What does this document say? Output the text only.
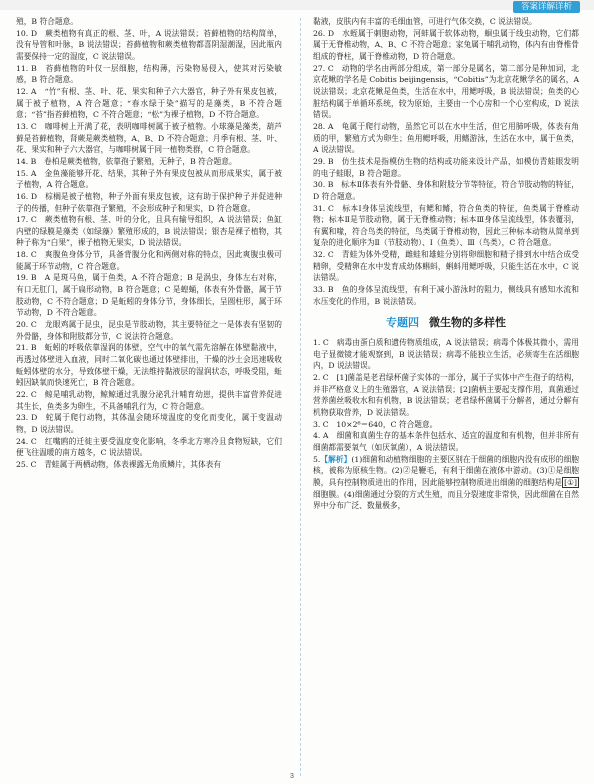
答案详解详析

殖，B 符合题意。

10. D　蕨类植物有真正的根、茎、叶，A 说法错误；苔藓植物的结构简单，没有导管和叶脉，B 说法错误；苔藓植物和蕨类植物都喜阴湿潮湿，因此瓶内需要保持一定的湿度，C 说法错误。

11. B　苔藓植物的叶仅一层细胞，结构薄，污染物易侵入，使其对污染敏感，B 符合题意。

12. A　“竹”有根、茎、叶、花、果实和种子六大器官，种子外有果皮包被，属于被子植物，A 符合题意；“春水绿于染”描写的是藻类，B 不符合题意；“苔”指苔藓植物，C 不符合题意；“松”为裸子植物，D 不符合题意。

13. C　咖啡树上开满了花，表明咖啡树属于被子植物。小球藻是藻类，葫芦藓是苔藓植物，肾蕨是蕨类植物，A、B、D 不符合题意；月季有根、茎、叶、花、果实和种子六大器官，与咖啡树属于同一植物类群，C 符合题意。

14. B　卷柏是蕨类植物，依靠孢子繁殖，无种子，B 符合题意。

15. A　金鱼藻能够开花、结果，其种子外有果皮包被从而形成果实，属于被子植物，A 符合题意。

16. D　棕榈是被子植物，种子外面有果皮包被，这有助于保护种子并促进种子的传播，但种子依靠孢子繁殖，不会形成种子和果实，D 符合题意。

17. C　蕨类植物有根、茎、叶的分化，且具有输导组织，A 说法错误；鱼缸内壁的绿膜是藻类（如绿藻）繁殖形成的，B 说法错误；银杏是裸子植物，其种子称为“白果”，裸子植物无果实，D 说法错误。

18. C　爽腹鱼身体分节，具备背腹分化和两侧对称的特点，因此爽腹虫极可能属于环节动物，C 符合题意。

19. B　A 是斑马鱼，属于鱼类，A 不符合题意；B 是涡虫，身体左右对称，有口无肛门，属于扁形动物，B 符合题意；C 是蝗蛹，体表有外骨骼，属于节肢动物，C 不符合题意；D 是蚯蚓的身体分节，身体细长，呈圆柱形，属于环节动物，D 不符合题意。

20. C　龙眼鸡属于昆虫，昆虫是节肢动物，其主要特征之一是体表有坚韧的外骨骼，身体和附肢都分节，C 说法符合题意。

21. B　蚯蚓的呼吸依靠湿润的体壁，空气中的氧气需先溶解在体壁黏液中，再透过体壁进入血液，同时二氧化碳也通过体壁排出，干燥的沙土会迅速吸收蚯蚓体壁的水分，导致体壁干燥，无法维持黏液层的湿润状态，呼吸受阻，蚯蚓因缺氧而快速死亡，B 符合题意。

22. C　鲸是哺乳动物，鲸鲸通过乳腺分泌乳汁哺育幼崽，提供丰富营养促进其生长，鱼类多为卵生，不具备哺乳行为，C 符合题意。

23. D　蛇属于爬行动物，其体温会随环境温度的变化而变化，属于变温动物，D 说法错误。

24. C　红嘴鸥的迁徙主要受温度变化影响，冬季北方寒冷且食物短缺，它们便飞往温暖的南方越冬，C 说法错误。

25. C　青蛙属于两栖动物，体表裸露无角质鳞片，其体表有

黏液，皮肤内有丰富的毛细血管，可进行气体交换，C 说法错误。

26. D　水蛭属于刺胞动物，河蚌属于软体动物，蛔虫属于线虫动物，它们都属于无脊椎动物，A、B、C 不符合题意；家兔属于哺乳动物，体内有由脊椎骨组成的脊柱，属于脊椎动物，D 符合题意。

27. C　动物的学名由两部分组成，第一部分是属名，第二部分是种加词，北京花鳅的学名是 Cobitis beijingensis，“Cobitis”为北京花鳅学名的属名，A 说法错误；北京花鳅是鱼类，生活在水中，用鳃呼吸，B 说法错误；鱼类的心脏结构属于单循环系统，较为原始，主要由一个心房和一个心室构成，D 说法错误。

28. A　龟属于爬行动物，虽然它可以在水中生活，但它用肺呼吸，体表有角质的甲，繁殖方式为卵生；鱼用鳃呼吸，用鳍游泳，生活在水中，属于鱼类，A 说法错误。

29. B　仿生技术是指模仿生物的结构或功能来设计产品，如模仿青蛙眼发明的电子蛙眼，B 符合题意。

30. B　标本Ⅱ体表有外骨骼、身体和附肢分节等特征，符合节肢动物的特征，D 符合题意。

31. C　标本Ⅰ身体呈流线型，有鳃和鳍，符合鱼类的特征，鱼类属于脊椎动物；标本Ⅱ是节肢动物，属于无脊椎动物；标本Ⅲ身体呈流线型，体表覆羽，有翼和喙，符合鸟类的特征，鸟类属于脊椎动物，因此三种标本动物从简单到复杂的进化顺序为Ⅱ（节肢动物）、Ⅰ（鱼类）、Ⅲ（鸟类），C 符合题意。

32. C　青蛙为体外受精，雌蛙和雄蛙分别将卵细胞和精子排到水中结合成受精卵，受精卵在水中发育成幼体蝌蚪，蝌蚪用鳃呼吸，只能生活在水中，C 说法错误。

33. B　鱼的身体呈流线型，有利于减小游泳时的阻力，侧线具有感知水流和水压变化的作用，B 说法错误。

专题四 微生物的多样性

1. C　病毒由蛋白质和遗传物质组成，A 说法错误；病毒个体极其微小，需用电子显微镜才能观察到，B 说法错误；病毒不能独立生活，必须寄生在活细胞内，D 说法错误。

2. C　[1]菌盖是老君绿杯菌子实体的一部分，属于子实体中产生孢子的结构，并非严格意义上的生殖器官，A 说法错误；[2]菌柄主要起支撑作用，真菌通过营养菌丝吸收水和有机物，B 说法错误；老君绿杯菌属于分解者，通过分解有机物获取营养，D 说法错误。

3. C　10×2⁶＝640，C 符合题意。

4. A　细菌和真菌生存的基本条件包括水、适宜的温度和有机物，但并非所有细菌都需要氧气（如厌氧菌），A 说法错误。

5.【解析】(1)细菌和动植物细胞的主要区别在于细菌的细胞内没有成形的细胞核，被称为原核生物。(2)②是鞭毛，有利于细菌在液体中游动。(3)①是细胞膜，具有控制物质进出的作用，因此能够控制物质进出细菌的细胞结构是 [①]细胞膜。(4)细菌通过分裂的方式生殖，而且分裂速度非常快，因此细菌在自然界中分布广泛、数量极多，

3
